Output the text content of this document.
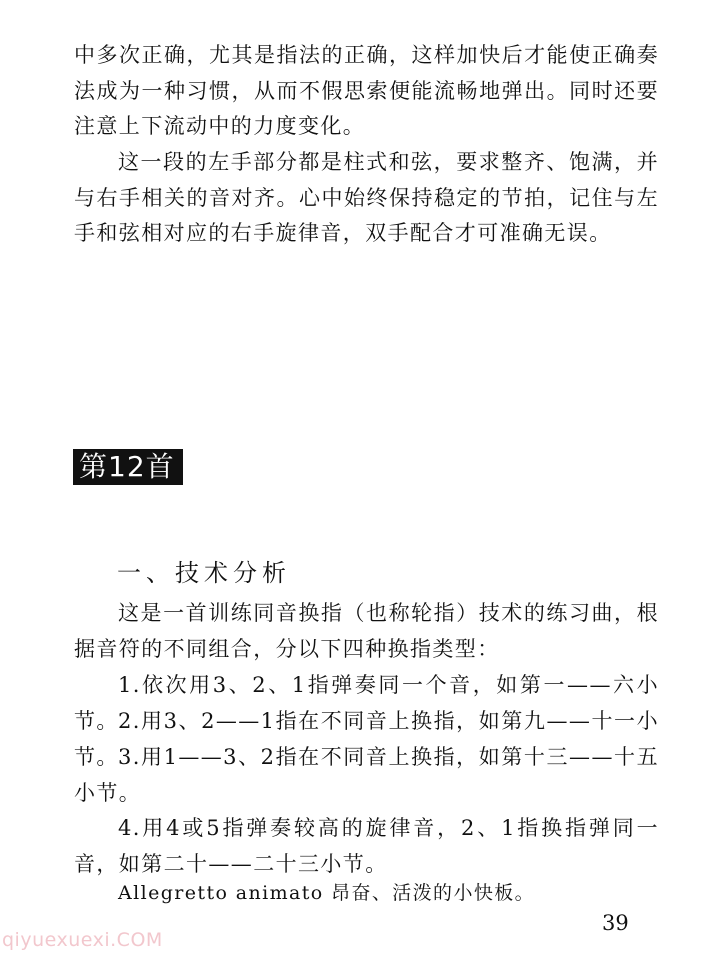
中多次正确，尤其是指法的正确，这样加快后才能使正确奏法成为一种习惯，从而不假思索便能流畅地弹出。同时还要注意上下流动中的力度变化。

这一段的左手部分都是柱式和弦，要求整齐、饱满，并与右手相关的音对齐。心中始终保持稳定的节拍，记住与左手和弦相对应的右手旋律音，双手配合才可准确无误。

第12首

一、技术分析

这是一首训练同音换指（也称轮指）技术的练习曲，根据音符的不同组合，分以下四种换指类型：

1.依次用3、2、1指弹奏同一个音，如第一——六小节。 2.用3、2——1指在不同音上换指，如第九——十一小节。 3.用1——3、2指在不同音上换指，如第十三——十五小节。

4.用4或5指弹奏较高的旋律音，2、1指换指弹同一音，如第二十——二十三小节。

Allegretto animato 昂奋、活泼的小快板。

39

qiyuexuexi.COM
